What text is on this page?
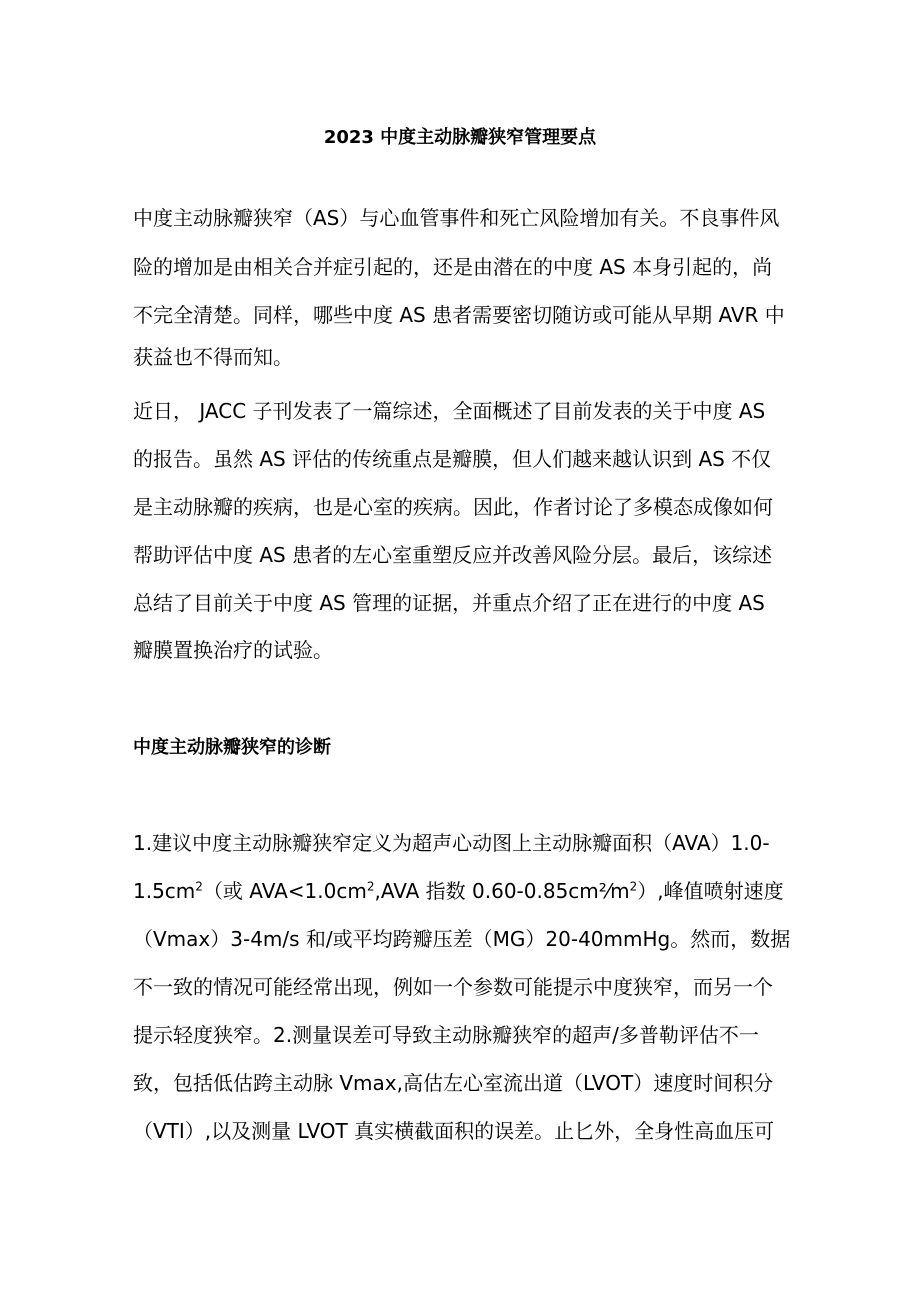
2023 中度主动脉瓣狭窄管理要点
中度主动脉瓣狭窄（AS）与心血管事件和死亡风险增加有关。不良事件风
险的增加是由相关合并症引起的，还是由潜在的中度 AS 本身引起的，尚
不完全清楚。同样，哪些中度 AS 患者需要密切随访或可能从早期 AVR 中
获益也不得而知。
近日， JACC 子刊发表了一篇综述，全面概述了目前发表的关于中度 AS
的报告。虽然 AS 评估的传统重点是瓣膜，但人们越来越认识到 AS 不仅
是主动脉瓣的疾病，也是心室的疾病。因此，作者讨论了多模态成像如何
帮助评估中度 AS 患者的左心室重塑反应并改善风险分层。最后，该综述
总结了目前关于中度 AS 管理的证据，并重点介绍了正在进行的中度 AS
瓣膜置换治疗的试验。
中度主动脉瓣狭窄的诊断
1.建议中度主动脉瓣狭窄定义为超声心动图上主动脉瓣面积（AVA）1.0-
$1.5cm^2$（或 $AVA<1.0cm^2,AVA$ 指数 $0.60-0.85cm^2⁄m^2$）,峰值喷射速度
（Vmax）3-4m/s 和/或平均跨瓣压差（MG）20-40mmHg。然而，数据
不一致的情况可能经常出现，例如一个参数可能提示中度狭窄，而另一个
提示轻度狭窄。2.测量误差可导致主动脉瓣狭窄的超声/多普勒评估不一
致，包括低估跨主动脉 Vmax,高估左心室流出道（LVOT）速度时间积分
（VTI）,以及测量 LVOT 真实横截面积的误差。止匕外，全身性高血压可
